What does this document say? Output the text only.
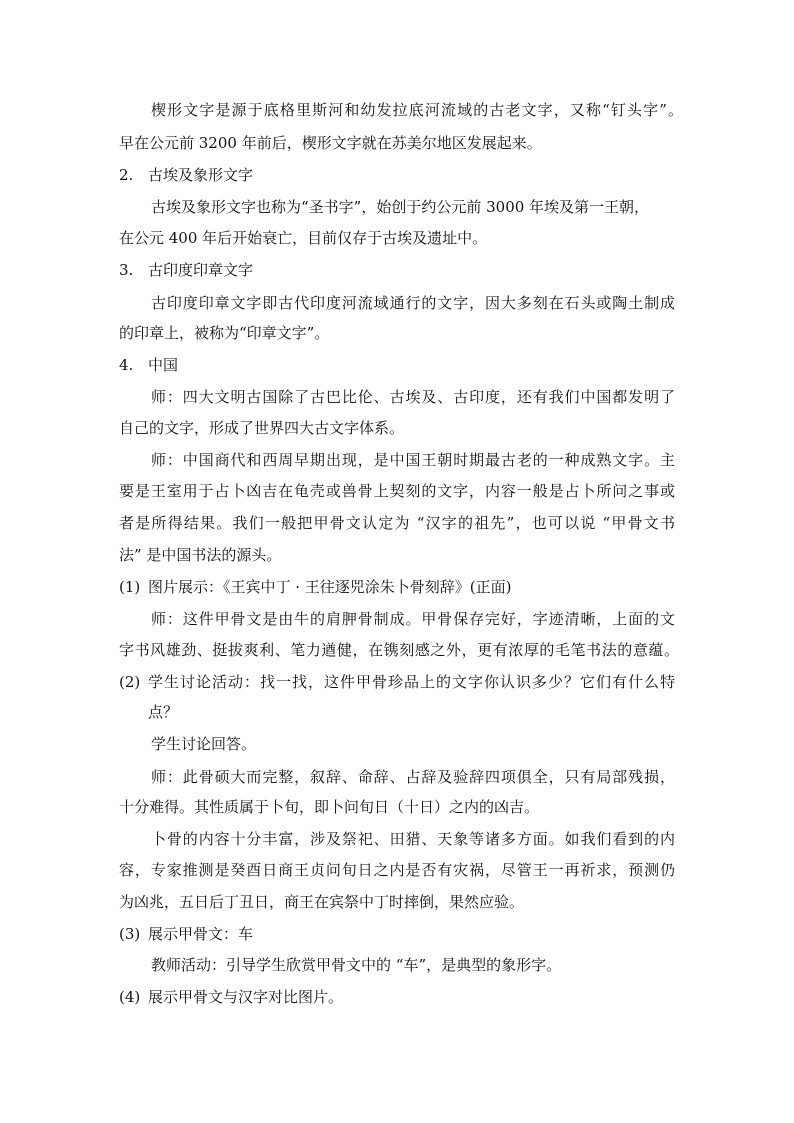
楔形文字是源于底格里斯河和幼发拉底河流域的古老文字，又称“钉头字”。
早在公元前 3200 年前后，楔形文字就在苏美尔地区发展起来。
2. 古埃及象形文字
古埃及象形文字也称为“圣书字”，始创于约公元前 3000 年埃及第一王朝，
在公元 400 年后开始衰亡，目前仅存于古埃及遗址中。
3. 古印度印章文字
古印度印章文字即古代印度河流域通行的文字，因大多刻在石头或陶土制成
的印章上，被称为“印章文字”。
4. 中国
师：四大文明古国除了古巴比伦、古埃及、古印度，还有我们中国都发明了
自己的文字，形成了世界四大古文字体系。
师：中国商代和西周早期出现，是中国王朝时期最古老的一种成熟文字。主
要是王室用于占卜凶吉在龟壳或兽骨上契刻的文字，内容一般是占卜所问之事或
者是所得结果。我们一般把甲骨文认定为 “汉字的祖先”，也可以说 “甲骨文书
法” 是中国书法的源头。
(1) 图片展示：《王宾中丁 · 王往逐兕涂朱卜骨刻辞》(正面)
师：这件甲骨文是由牛的肩胛骨制成。甲骨保存完好，字迹清晰，上面的文
字书风雄劲、挺拔爽利、笔力遒健，在镌刻感之外，更有浓厚的毛笔书法的意蕴。
(2) 学生讨论活动：找一找，这件甲骨珍品上的文字你认识多少？它们有什么特
点？
学生讨论回答。
师：此骨硕大而完整，叙辞、命辞、占辞及验辞四项俱全，只有局部残损，
十分难得。其性质属于卜旬，即卜问旬日（十日）之内的凶吉。
卜骨的内容十分丰富，涉及祭祀、田猎、天象等诸多方面。如我们看到的内
容，专家推测是癸酉日商王贞问旬日之内是否有灾祸，尽管王一再祈求，预测仍
为凶兆，五日后丁丑日，商王在宾祭中丁时摔倒，果然应验。
(3) 展示甲骨文：车
教师活动：引导学生欣赏甲骨文中的 “车”，是典型的象形字。
(4) 展示甲骨文与汉字对比图片。
